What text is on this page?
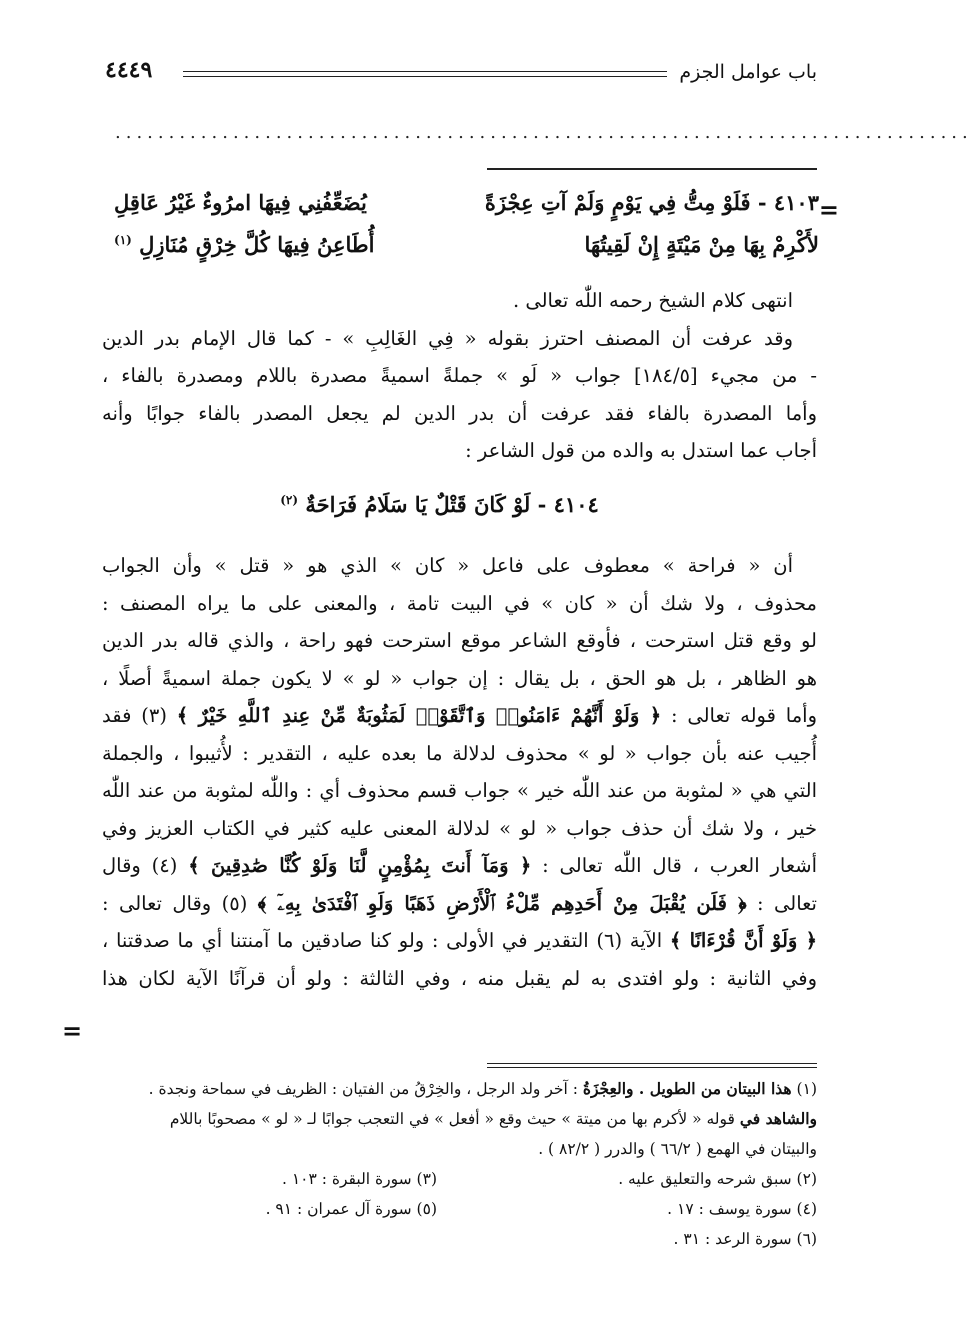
باب عوامل الجزم
٤٤٤٩
................................................................................
=
٤١٠٣ - فَلَوْ مِتُّ فِي يَوْمٍ وَلَمْ آتِ عِجْزَةً
يُضَعِّفُنِي فِيهَا امرُوءٌ غَيْرُ عَاقِلِ
لأَكْرِمْ بِهَا مِنْ مَيْتَةٍ إِنْ لَقِيتُهَا
أُطَاعِنُ فِيهَا كُلَّ خِرْقٍ مُنَازِلِ $^{(١)}$
انتهى كلام الشيخ رحمه اللّٰه تعالى .
وقد عرفت أن المصنف احترز بقوله « فِي الغَالِبِ » - كما قال الإمام بدر الدين
- من مجيء [١٨٤/٥] جواب « لَو » جملةً اسميةً مصدرة باللام ومصدرة بالفاء ،
وأما المصدرة بالفاء فقد عرفت أن بدر الدين لم يجعل المصدر بالفاء جوابًا وأنه
أجاب عما استدل به والده من قول الشاعر :
٤١٠٤ - لَوْ كَانَ قَتْلٌ يَا سَلَامُ فَرَاحَةٌ $^{(٢)}$
أن « فراحة » معطوف على فاعل « كان » الذي هو « قتل » وأن الجواب
محذوف ، ولا شك أن « كان » في البيت تامة ، والمعنى على ما يراه المصنف :
لو وقع قتل استرحت ، فأوقع الشاعر موقع استرحت فهو راحة ، والذي قاله بدر الدين
هو الظاهر ، بل هو الحق ، بل يقال : إن جواب « لو » لا يكون جملة اسميةً أصلًا ،
وأما قوله تعالى : ﴿ وَلَوْ أَنَّهُمْ ءَامَنُوا۟ وَٱتَّقَوْا۟ لَمَثُوبَةٌ مِّنْ عِندِ ٱللَّهِ خَيْرٌ ﴾ (٣) فقد
أُجيب عنه بأن جواب « لو » محذوف لدلالة ما بعده عليه ، التقدير : لأُثيبوا ، والجملة
التي هي « لمثوبة من عند اللّٰه خير » جواب قسم محذوف أي : واللّٰه لمثوبة من عند اللّٰه
خير ، ولا شك أن حذف جواب « لو » لدلالة المعنى عليه كثير في الكتاب العزيز وفي
أشعار العرب ، قال اللّٰه تعالى : ﴿ وَمَآ أَنتَ بِمُؤْمِنٍ لَّنَا وَلَوْ كُنَّا صَٰدِقِينَ ﴾ (٤) وقال
تعالى : ﴿ فَلَن يُقْبَلَ مِنْ أَحَدِهِم مِّلْءُ ٱلْأَرْضِ ذَهَبًا وَلَوِ ٱفْتَدَىٰ بِهِۦٓ ﴾ (٥) وقال تعالى :
﴿ وَلَوْ أَنَّ قُرْءَانًا ﴾ الآية (٦) التقدير في الأولى : ولو كنا صادقين ما آمنتنا أي ما صدقتنا ،
وفي الثانية : ولو افتدى به لم يقبل منه ، وفي الثالثة : ولو أن قرآنًا الآية لكان هذا
=
(١) هذا البيتان من الطويل . والعِجْزَةُ : آخر ولد الرجل ، والخِرْقُ من الفتيان : الظريف في سماحة ونجدة .
والشاهد في قوله « لأكرم بها من ميتة » حيث وقع « أفعل » في التعجب جوابًا لـ « لو » مصحوبًا باللام
والبيتان في الهمع ( ٦٦/٢ ) والدرر ( ٨٢/٢ ) .
(٢) سبق شرحه والتعليق عليه .
(٣) سورة البقرة : ١٠٣ .
(٤) سورة يوسف : ١٧ .
(٥) سورة آل عمران : ٩١ .
(٦) سورة الرعد : ٣١ .
